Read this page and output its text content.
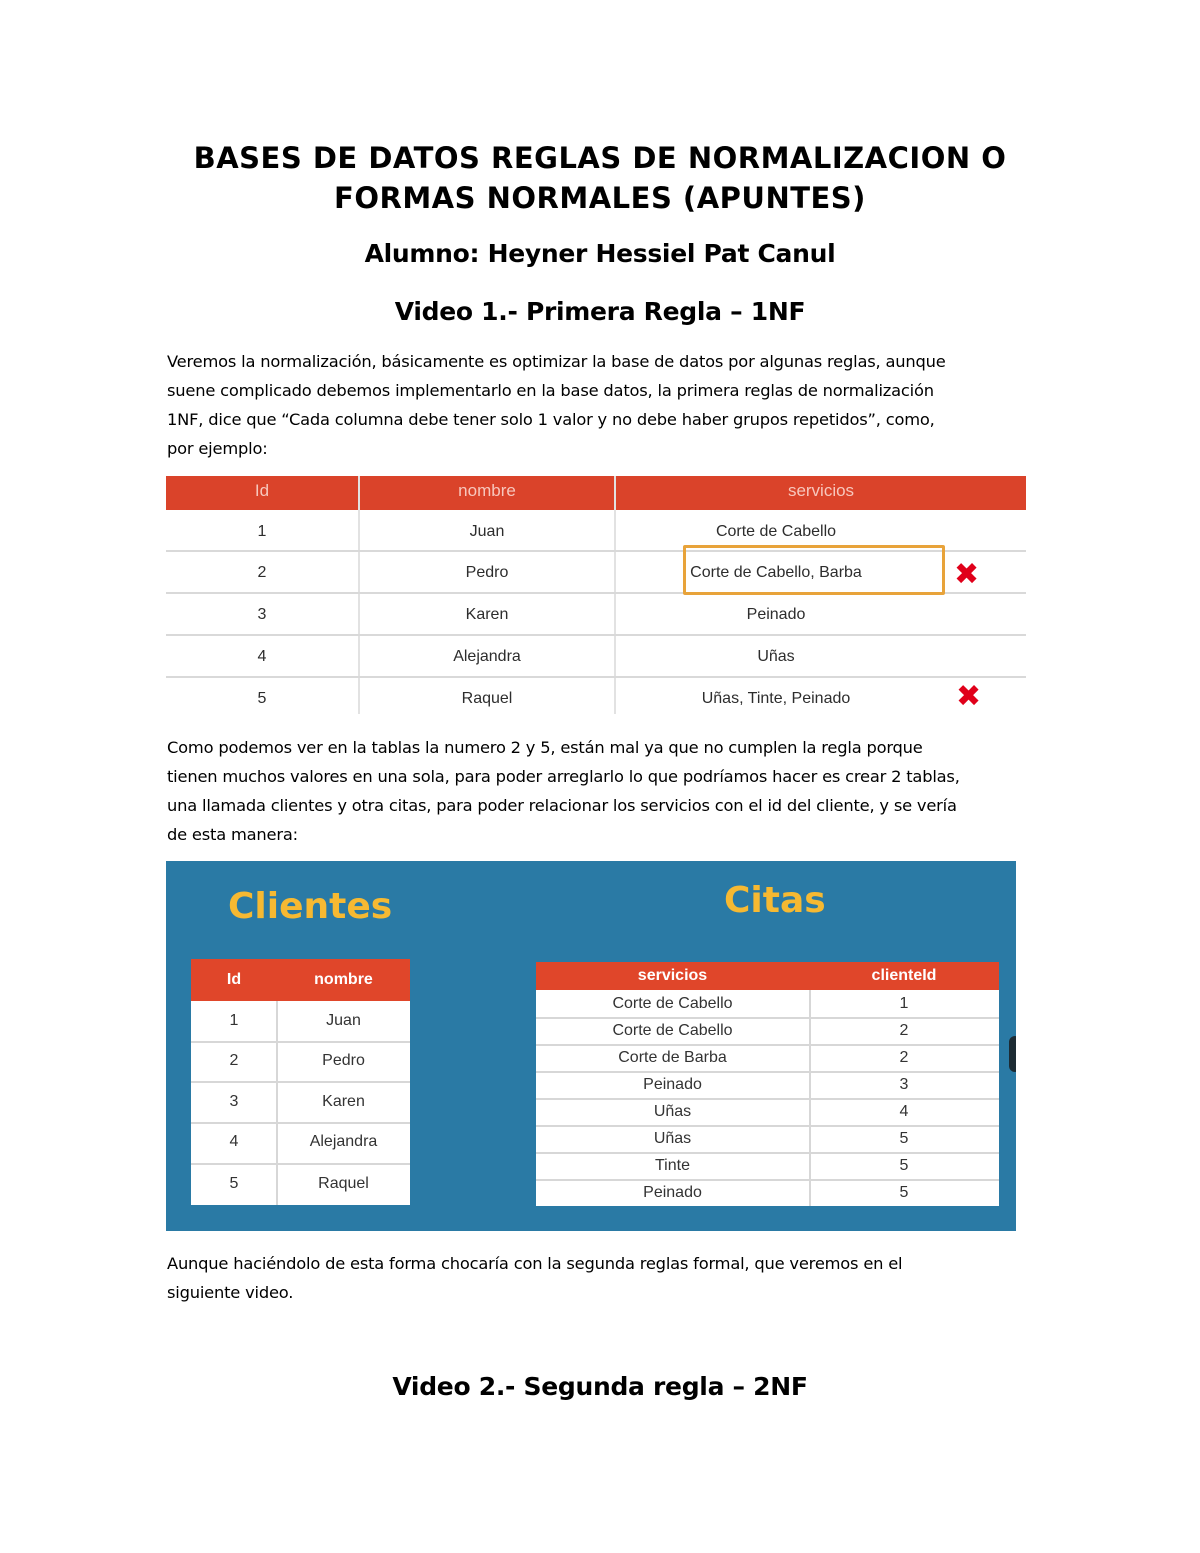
BASES DE DATOS REGLAS DE NORMALIZACION O
FORMAS NORMALES (APUNTES)
Alumno: Heyner Hessiel Pat Canul
Video 1.- Primera Regla – 1NF
Veremos la normalización, básicamente es optimizar la base de datos por algunas reglas, aunque
suene complicado debemos implementarlo en la base datos, la primera reglas de normalización
1NF, dice que “Cada columna debe tener solo 1 valor y no debe haber grupos repetidos”, como,
por ejemplo:
Id	nombre	servicios
1	Juan	Corte de Cabello
2	Pedro	Corte de Cabello, Barba
3	Karen	Peinado
4	Alejandra	Uñas
5	Raquel	Uñas, Tinte, Peinado
✖
✖
Como podemos ver en la tablas la numero 2 y 5, están mal ya que no cumplen la regla porque
tienen muchos valores en una sola, para poder arreglarlo lo que podríamos hacer es crear 2 tablas,
una llamada clientes y otra citas, para poder relacionar los servicios con el id del cliente, y se vería
de esta manera:
Clientes	Citas
Id	nombre
1	Juan
2	Pedro
3	Karen
4	Alejandra
5	Raquel
servicios	clienteId
Corte de Cabello	1
Corte de Cabello	2
Corte de Barba	2
Peinado	3
Uñas	4
Uñas	5
Tinte	5
Peinado	5
Aunque haciéndolo de esta forma chocaría con la segunda reglas formal, que veremos en el
siguiente video.
Video 2.- Segunda regla – 2NF
